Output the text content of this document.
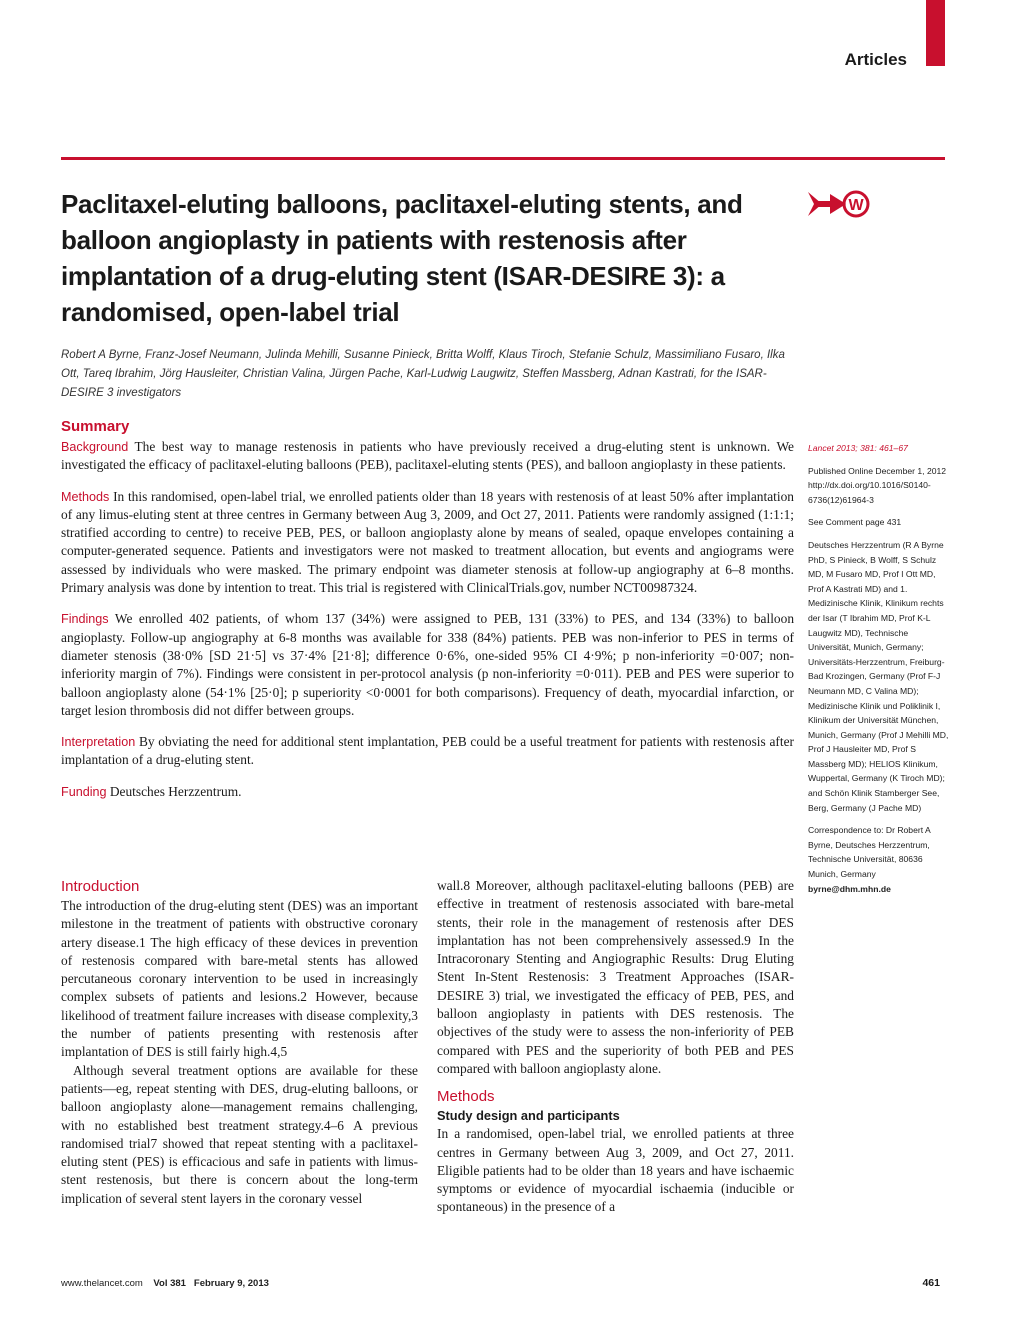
Articles
Paclitaxel-eluting balloons, paclitaxel-eluting stents, and balloon angioplasty in patients with restenosis after implantation of a drug-eluting stent (ISAR-DESIRE 3): a randomised, open-label trial
W
Robert A Byrne, Franz-Josef Neumann, Julinda Mehilli, Susanne Pinieck, Britta Wolff, Klaus Tiroch, Stefanie Schulz, Massimiliano Fusaro, Ilka Ott, Tareq Ibrahim, Jörg Hausleiter, Christian Valina, Jürgen Pache, Karl-Ludwig Laugwitz, Steffen Massberg, Adnan Kastrati, for the ISAR-DESIRE 3 investigators
Summary

Background The best way to manage restenosis in patients who have previously received a drug-eluting stent is unknown. We investigated the efficacy of paclitaxel-eluting balloons (PEB), paclitaxel-eluting stents (PES), and balloon angioplasty in these patients.

Methods In this randomised, open-label trial, we enrolled patients older than 18 years with restenosis of at least 50% after implantation of any limus-eluting stent at three centres in Germany between Aug 3, 2009, and Oct 27, 2011. Patients were randomly assigned (1:1:1; stratified according to centre) to receive PEB, PES, or balloon angioplasty alone by means of sealed, opaque envelopes containing a computer-generated sequence. Patients and investigators were not masked to treatment allocation, but events and angiograms were assessed by individuals who were masked. The primary endpoint was diameter stenosis at follow-up angiography at 6–8 months. Primary analysis was done by intention to treat. This trial is registered with ClinicalTrials.gov, number NCT00987324.

Findings We enrolled 402 patients, of whom 137 (34%) were assigned to PEB, 131 (33%) to PES, and 134 (33%) to balloon angioplasty. Follow-up angiography at 6-8 months was available for 338 (84%) patients. PEB was non-inferior to PES in terms of diameter stenosis (38·0% [SD 21·5] vs 37·4% [21·8]; difference 0·6%, one-sided 95% CI 4·9%; p non-inferiority =0·007; non-inferiority margin of 7%). Findings were consistent in per-protocol analysis (p non-inferiority =0·011). PEB and PES were superior to balloon angioplasty alone (54·1% [25·0]; p superiority <0·0001 for both comparisons). Frequency of death, myocardial infarction, or target lesion thrombosis did not differ between groups.

Interpretation By obviating the need for additional stent implantation, PEB could be a useful treatment for patients with restenosis after implantation of a drug-eluting stent.

Funding Deutsches Herzzentrum.

Lancet 2013; 381: 461–67
Published Online December 1, 2012 http://dx.doi.org/10.1016/S0140-6736(12)61964-3
See Comment page 431
Deutsches Herzzentrum (R A Byrne PhD, S Pinieck, B Wolff, S Schulz MD, M Fusaro MD, Prof I Ott MD, Prof A Kastrati MD) and 1. Medizinische Klinik, Klinikum rechts der Isar (T Ibrahim MD, Prof K-L Laugwitz MD), Technische Universität, Munich, Germany; Universitäts-Herzzentrum, Freiburg-Bad Krozingen, Germany (Prof F-J Neumann MD, C Valina MD); Medizinische Klinik und Poliklinik I, Klinikum der Universität München, Munich, Germany (Prof J Mehilli MD, Prof J Hausleiter MD, Prof S Massberg MD); HELIOS Klinikum, Wuppertal, Germany (K Tiroch MD); and Schön Klinik Stamberger See, Berg, Germany (J Pache MD)
Correspondence to: Dr Robert A Byrne, Deutsches Herzzentrum, Technische Universität, 80636 Munich, Germany
byrne@dhm.mhn.de
Introduction

The introduction of the drug-eluting stent (DES) was an important milestone in the treatment of patients with obstructive coronary artery disease.1 The high efficacy of these devices in prevention of restenosis compared with bare-metal stents has allowed percutaneous coronary intervention to be used in increasingly complex subsets of patients and lesions.2 However, because likelihood of treatment failure increases with disease complexity,3 the number of patients presenting with restenosis after implantation of DES is still fairly high.4,5

Although several treatment options are available for these patients—eg, repeat stenting with DES, drug-eluting balloons, or balloon angioplasty alone—management remains challenging, with no established best treatment strategy.4–6 A previous randomised trial7 showed that repeat stenting with a paclitaxel-eluting stent (PES) is efficacious and safe in patients with limus-stent restenosis, but there is concern about the long-term implication of several stent layers in the coronary vessel

wall.8 Moreover, although paclitaxel-eluting balloons (PEB) are effective in treatment of restenosis associated with bare-metal stents, their role in the management of restenosis after DES implantation has not been comprehensively assessed.9 In the Intracoronary Stenting and Angiographic Results: Drug Eluting Stent In-Stent Restenosis: 3 Treatment Approaches (ISAR-DESIRE 3) trial, we investigated the efficacy of PEB, PES, and balloon angioplasty in patients with DES restenosis. The objectives of the study were to assess the non-inferiority of PEB compared with PES and the superiority of both PEB and PES compared with balloon angioplasty alone.

Methods
Study design and participants

In a randomised, open-label trial, we enrolled patients at three centres in Germany between Aug 3, 2009, and Oct 27, 2011. Eligible patients had to be older than 18 years and have ischaemic symptoms or evidence of myocardial ischaemia (inducible or spontaneous) in the presence of a

www.thelancet.com Vol 381 February 9, 2013	461
